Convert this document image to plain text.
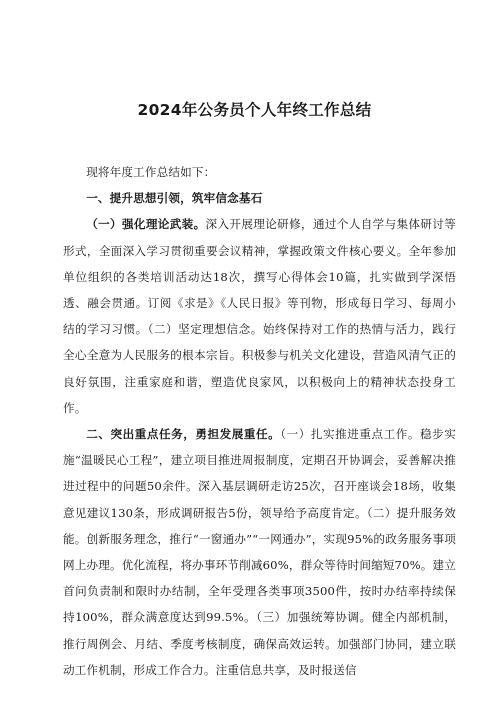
2024年公务员个人年终工作总结

现将年度工作总结如下：

一、提升思想引领，筑牢信念基石

（一）强化理论武装。深入开展理论研修，通过个人自学与集体研讨等形式，全面深入学习贯彻重要会议精神，掌握政策文件核心要义。全年参加单位组织的各类培训活动达18次，撰写心得体会10篇，扎实做到学深悟透、融会贯通。订阅《求是》《人民日报》等刊物，形成每日学习、每周小结的学习习惯。（二）坚定理想信念。始终保持对工作的热情与活力，践行全心全意为人民服务的根本宗旨。积极参与机关文化建设，营造风清气正的良好氛围，注重家庭和谐，塑造优良家风，以积极向上的精神状态投身工作。

二、突出重点任务，勇担发展重任。（一）扎实推进重点工作。稳步实施“温暖民心工程”，建立项目推进周报制度，定期召开协调会，妥善解决推进过程中的问题50余件。深入基层调研走访25次，召开座谈会18场，收集意见建议130条，形成调研报告5份，领导给予高度肯定。（二）提升服务效能。创新服务理念，推行“一窗通办”“一网通办”，实现95%的政务服务事项网上办理。优化流程，将办事环节削减60%，群众等待时间缩短70%。建立首问负责制和限时办结制，全年受理各类事项3500件，按时办结率持续保持100%，群众满意度达到99.5%。（三）加强统筹协调。健全内部机制，推行周例会、月结、季度考核制度，确保高效运转。加强部门协同，建立联动工作机制，形成工作合力。注重信息共享，及时报送信
